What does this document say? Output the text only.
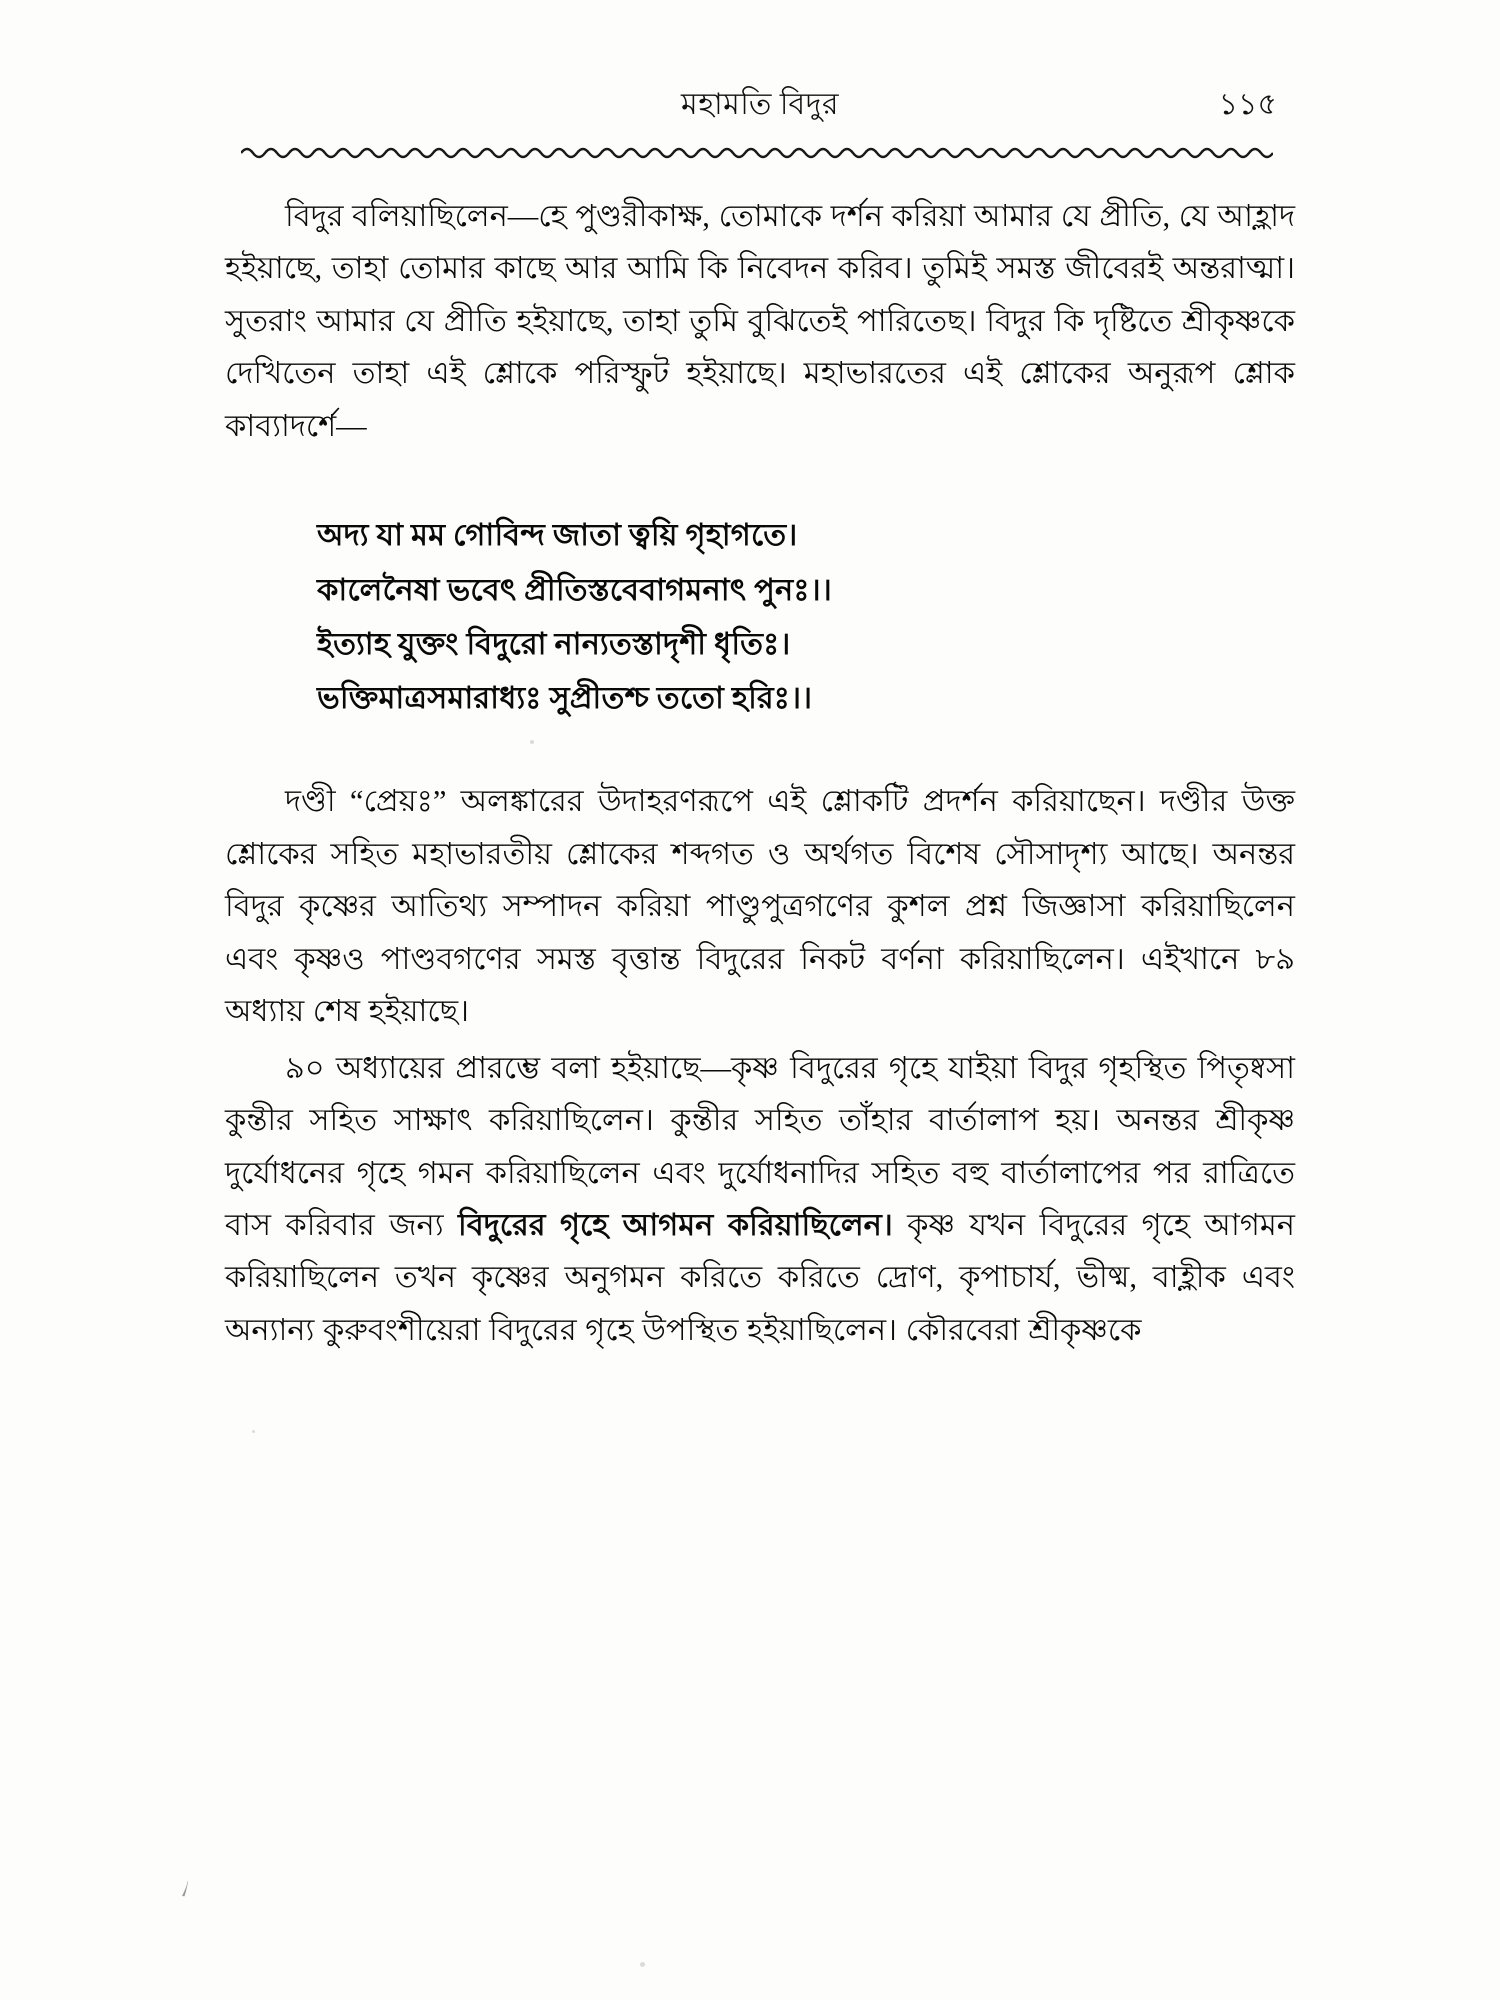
মহামতি বিদুর	১১৫

বিদুর বলিয়াছিলেন—হে পুণ্ডরীকাক্ষ, তোমাকে দর্শন করিয়া আমার যে প্রীতি, যে আহ্লাদ হইয়াছে, তাহা তোমার কাছে আর আমি কি নিবেদন করিব। তুমিই সমস্ত জীবেরই অন্তরাত্মা। সুতরাং আমার যে প্রীতি হইয়াছে, তাহা তুমি বুঝিতেই পারিতেছ। বিদুর কি দৃষ্টিতে শ্রীকৃষ্ণকে দেখিতেন তাহা এই শ্লোকে পরিস্ফুট হইয়াছে। মহাভারতের এই শ্লোকের অনুরূপ শ্লোক কাব্যাদর্শে—

অদ্য যা মম গোবিন্দ জাতা ত্বয়ি গৃহাগতে।
কালেনৈষা ভবেৎ প্রীতিস্তবেবাগমনাৎ পুনঃ।।
ইত্যাহ যুক্তং বিদুরো নান্যতস্তাদৃশী ধৃতিঃ।
ভক্তিমাত্রসমারাধ্যঃ সুপ্রীতশ্চ ততো হরিঃ।।

দণ্ডী “প্রেয়ঃ” অলঙ্কারের উদাহরণরূপে এই শ্লোকটি প্রদর্শন করিয়াছেন। দণ্ডীর উক্ত শ্লোকের সহিত মহাভারতীয় শ্লোকের শব্দগত ও অর্থগত বিশেষ সৌসাদৃশ্য আছে। অনন্তর বিদুর কৃষ্ণের আতিথ্য সম্পাদন করিয়া পাণ্ডুপুত্রগণের কুশল প্রশ্ন জিজ্ঞাসা করিয়াছিলেন এবং কৃষ্ণও পাণ্ডবগণের সমস্ত বৃত্তান্ত বিদুরের নিকট বর্ণনা করিয়াছিলেন। এইখানে ৮৯ অধ্যায় শেষ হইয়াছে।

৯০ অধ্যায়ের প্রারম্ভে বলা হইয়াছে—কৃষ্ণ বিদুরের গৃহে যাইয়া বিদুর গৃহস্থিত পিতৃষ্বসা কুন্তীর সহিত সাক্ষাৎ করিয়াছিলেন। কুন্তীর সহিত তাঁহার বার্তালাপ হয়। অনন্তর শ্রীকৃষ্ণ দুর্যোধনের গৃহে গমন করিয়াছিলেন এবং দুর্যোধনাদির সহিত বহু বার্তালাপের পর রাত্রিতে বাস করিবার জন্য বিদুরের গৃহে আগমন করিয়াছিলেন। কৃষ্ণ যখন বিদুরের গৃহে আগমন করিয়াছিলেন তখন কৃষ্ণের অনুগমন করিতে করিতে দ্রোণ, কৃপাচার্য, ভীষ্ম, বাহ্লীক এবং অন্যান্য কুরুবংশীয়েরা বিদুরের গৃহে উপস্থিত হইয়াছিলেন। কৌরবেরা শ্রীকৃষ্ণকে

৴
